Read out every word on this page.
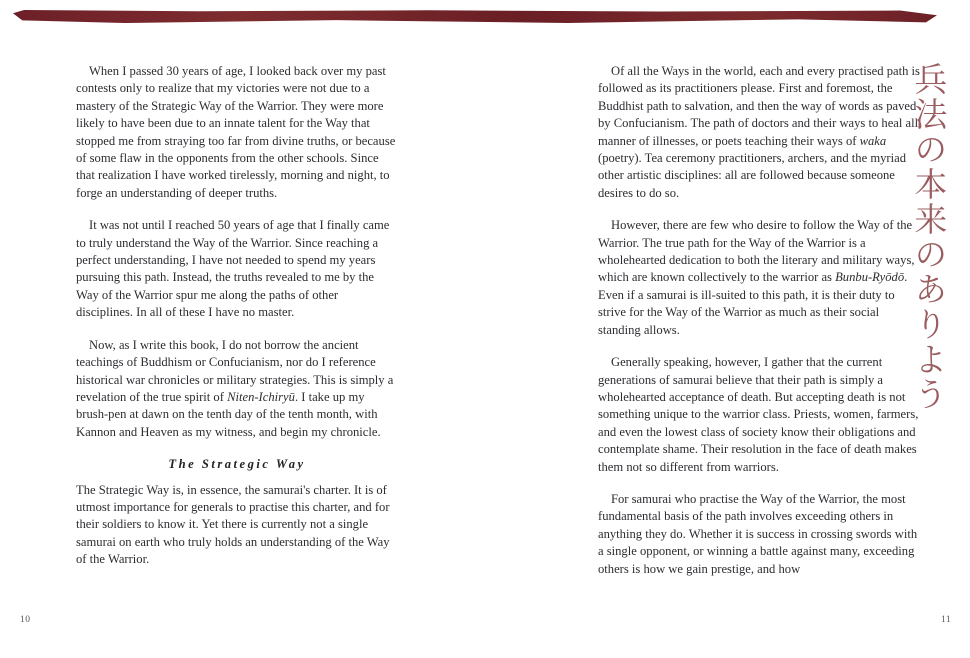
When I passed 30 years of age, I looked back over my past contests only to realize that my victories were not due to a mastery of the Strategic Way of the Warrior. They were more likely to have been due to an innate talent for the Way that stopped me from straying too far from divine truths, or because of some flaw in the opponents from the other schools. Since that realization I have worked tirelessly, morning and night, to forge an understanding of deeper truths.
It was not until I reached 50 years of age that I finally came to truly understand the Way of the Warrior. Since reaching a perfect understanding, I have not needed to spend my years pursuing this path. Instead, the truths revealed to me by the Way of the Warrior spur me along the paths of other disciplines. In all of these I have no master.
Now, as I write this book, I do not borrow the ancient teachings of Buddhism or Confucianism, nor do I reference historical war chronicles or military strategies. This is simply a revelation of the true spirit of Niten-Ichiryū. I take up my brush-pen at dawn on the tenth day of the tenth month, with Kannon and Heaven as my witness, and begin my chronicle.
The Strategic Way
The Strategic Way is, in essence, the samurai's charter. It is of utmost importance for generals to practise this charter, and for their soldiers to know it. Yet there is currently not a single samurai on earth who truly holds an understanding of the Way of the Warrior.
Of all the Ways in the world, each and every practised path is followed as its practitioners please. First and foremost, the Buddhist path to salvation, and then the way of words as paved by Confucianism. The path of doctors and their ways to heal all manner of illnesses, or poets teaching their ways of waka (poetry). Tea ceremony practitioners, archers, and the myriad other artistic disciplines: all are followed because someone desires to do so.
However, there are few who desire to follow the Way of the Warrior. The true path for the Way of the Warrior is a wholehearted dedication to both the literary and military ways, which are known collectively to the warrior as Bunbu-Ryōdō. Even if a samurai is ill-suited to this path, it is their duty to strive for the Way of the Warrior as much as their social standing allows.
Generally speaking, however, I gather that the current generations of samurai believe that their path is simply a wholehearted acceptance of death. But accepting death is not something unique to the warrior class. Priests, women, farmers, and even the lowest class of society know their obligations and contemplate shame. Their resolution in the face of death makes them not so different from warriors.
For samurai who practise the Way of the Warrior, the most fundamental basis of the path involves exceeding others in anything they do. Whether it is success in crossing swords with a single opponent, or winning a battle against many, exceeding others is how we gain prestige, and how
兵法の本来のありよう
10	11
